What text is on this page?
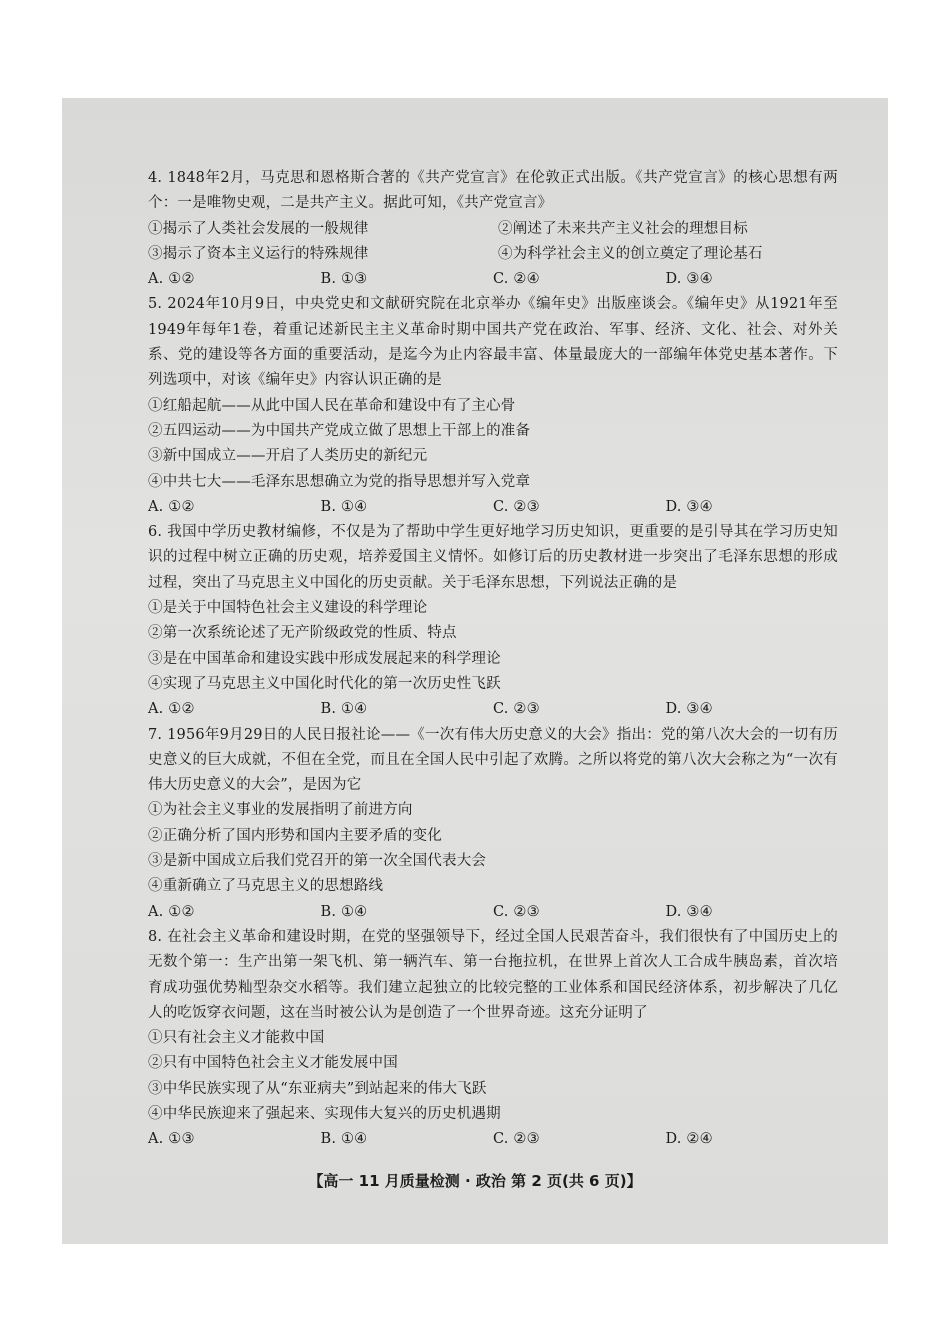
4. 1848年2月，马克思和恩格斯合著的《共产党宣言》在伦敦正式出版。《共产党宣言》的核心思想有两个：一是唯物史观，二是共产主义。据此可知，《共产党宣言》
①揭示了人类社会发展的一般规律	②阐述了未来共产主义社会的理想目标
③揭示了资本主义运行的特殊规律	④为科学社会主义的创立奠定了理论基石
A. ①②	B. ①③	C. ②④	D. ③④
5. 2024年10月9日，中央党史和文献研究院在北京举办《编年史》出版座谈会。《编年史》从1921年至1949年每年1卷，着重记述新民主主义革命时期中国共产党在政治、军事、经济、文化、社会、对外关系、党的建设等各方面的重要活动，是迄今为止内容最丰富、体量最庞大的一部编年体党史基本著作。下列选项中，对该《编年史》内容认识正确的是
①红船起航——从此中国人民在革命和建设中有了主心骨
②五四运动——为中国共产党成立做了思想上干部上的准备
③新中国成立——开启了人类历史的新纪元
④中共七大——毛泽东思想确立为党的指导思想并写入党章
A. ①②	B. ①④	C. ②③	D. ③④
6. 我国中学历史教材编修，不仅是为了帮助中学生更好地学习历史知识，更重要的是引导其在学习历史知识的过程中树立正确的历史观，培养爱国主义情怀。如修订后的历史教材进一步突出了毛泽东思想的形成过程，突出了马克思主义中国化的历史贡献。关于毛泽东思想，下列说法正确的是
①是关于中国特色社会主义建设的科学理论
②第一次系统论述了无产阶级政党的性质、特点
③是在中国革命和建设实践中形成发展起来的科学理论
④实现了马克思主义中国化时代化的第一次历史性飞跃
A. ①②	B. ①④	C. ②③	D. ③④
7. 1956年9月29日的人民日报社论——《一次有伟大历史意义的大会》指出：党的第八次大会的一切有历史意义的巨大成就，不但在全党，而且在全国人民中引起了欢腾。之所以将党的第八次大会称之为“一次有伟大历史意义的大会”，是因为它
①为社会主义事业的发展指明了前进方向
②正确分析了国内形势和国内主要矛盾的变化
③是新中国成立后我们党召开的第一次全国代表大会
④重新确立了马克思主义的思想路线
A. ①②	B. ①④	C. ②③	D. ③④
8. 在社会主义革命和建设时期，在党的坚强领导下，经过全国人民艰苦奋斗，我们很快有了中国历史上的无数个第一：生产出第一架飞机、第一辆汽车、第一台拖拉机，在世界上首次人工合成牛胰岛素，首次培育成功强优势籼型杂交水稻等。我们建立起独立的比较完整的工业体系和国民经济体系，初步解决了几亿人的吃饭穿衣问题，这在当时被公认为是创造了一个世界奇迹。这充分证明了
①只有社会主义才能救中国
②只有中国特色社会主义才能发展中国
③中华民族实现了从“东亚病夫”到站起来的伟大飞跃
④中华民族迎来了强起来、实现伟大复兴的历史机遇期
A. ①③	B. ①④	C. ②③	D. ②④
【高一 11 月质量检测 · 政治 第 2 页(共 6 页)】
